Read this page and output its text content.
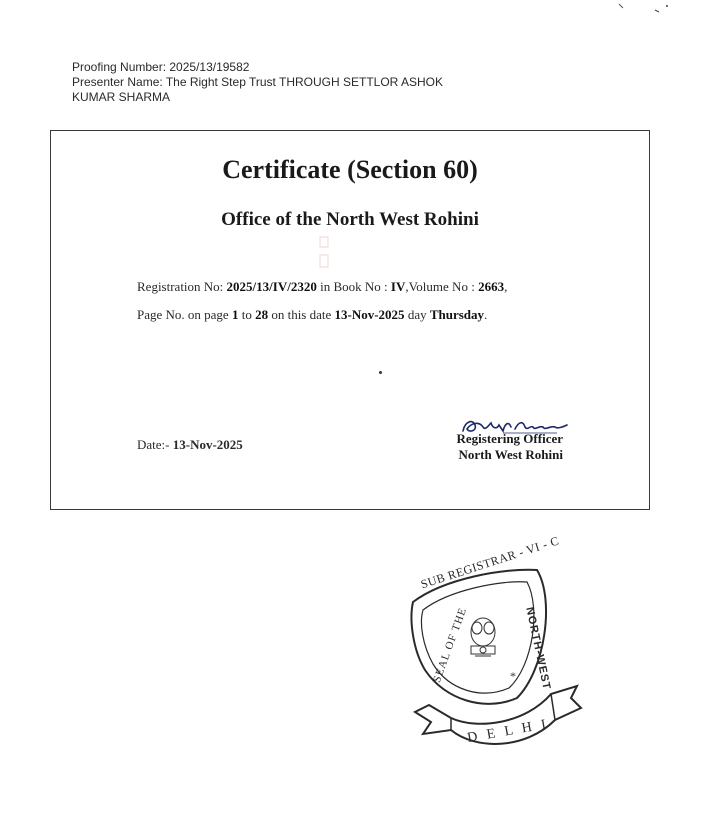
Proofing Number: 2025/13/19582
Presenter Name: The Right Step Trust THROUGH SETTLOR ASHOK
KUMAR SHARMA
Certificate (Section 60)
Office of the North West Rohini
Registration No: 2025/13/IV/2320 in Book No : IV,Volume No : 2663,
Page No. on page 1 to 28 on this date 13-Nov-2025 day Thursday.
Date:- 13-Nov-2025	Registering Officer
North West Rohini
*
SUB REGISTRAR - VI - C
NORTH-WEST
SEAL OF THE
D E L H I
